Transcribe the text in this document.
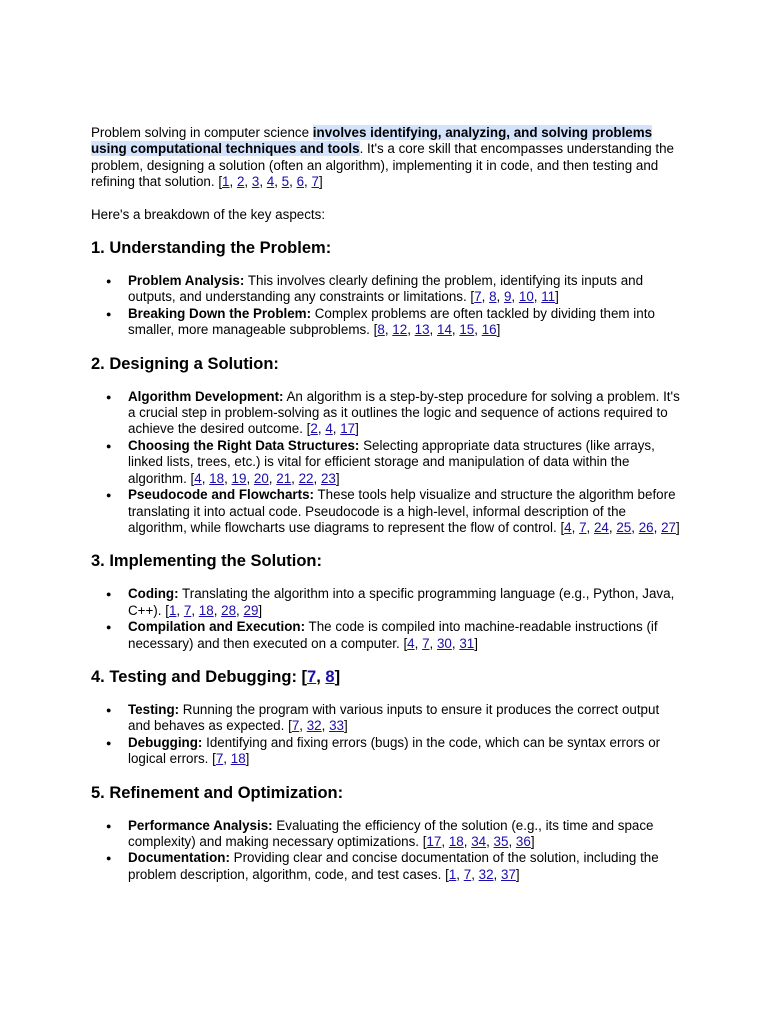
Problem solving in computer science involves identifying, analyzing, and solving problems using computational techniques and tools. It's a core skill that encompasses understanding the problem, designing a solution (often an algorithm), implementing it in code, and then testing and refining that solution. [1, 2, 3, 4, 5, 6, 7]

Here's a breakdown of the key aspects:

1. Understanding the Problem:
● Problem Analysis: This involves clearly defining the problem, identifying its inputs and outputs, and understanding any constraints or limitations. [7, 8, 9, 10, 11]
● Breaking Down the Problem: Complex problems are often tackled by dividing them into smaller, more manageable subproblems. [8, 12, 13, 14, 15, 16]
2. Designing a Solution:
● Algorithm Development: An algorithm is a step-by-step procedure for solving a problem. It's a crucial step in problem-solving as it outlines the logic and sequence of actions required to achieve the desired outcome. [2, 4, 17]
● Choosing the Right Data Structures: Selecting appropriate data structures (like arrays, linked lists, trees, etc.) is vital for efficient storage and manipulation of data within the algorithm. [4, 18, 19, 20, 21, 22, 23]
● Pseudocode and Flowcharts: These tools help visualize and structure the algorithm before translating it into actual code. Pseudocode is a high-level, informal description of the algorithm, while flowcharts use diagrams to represent the flow of control. [4, 7, 24, 25, 26, 27]
3. Implementing the Solution:
● Coding: Translating the algorithm into a specific programming language (e.g., Python, Java, C++). [1, 7, 18, 28, 29]
● Compilation and Execution: The code is compiled into machine-readable instructions (if necessary) and then executed on a computer. [4, 7, 30, 31]
4. Testing and Debugging: [7, 8]
● Testing: Running the program with various inputs to ensure it produces the correct output and behaves as expected. [7, 32, 33]
● Debugging: Identifying and fixing errors (bugs) in the code, which can be syntax errors or logical errors. [7, 18]
5. Refinement and Optimization:
● Performance Analysis: Evaluating the efficiency of the solution (e.g., its time and space complexity) and making necessary optimizations. [17, 18, 34, 35, 36]
● Documentation: Providing clear and concise documentation of the solution, including the problem description, algorithm, code, and test cases. [1, 7, 32, 37]
